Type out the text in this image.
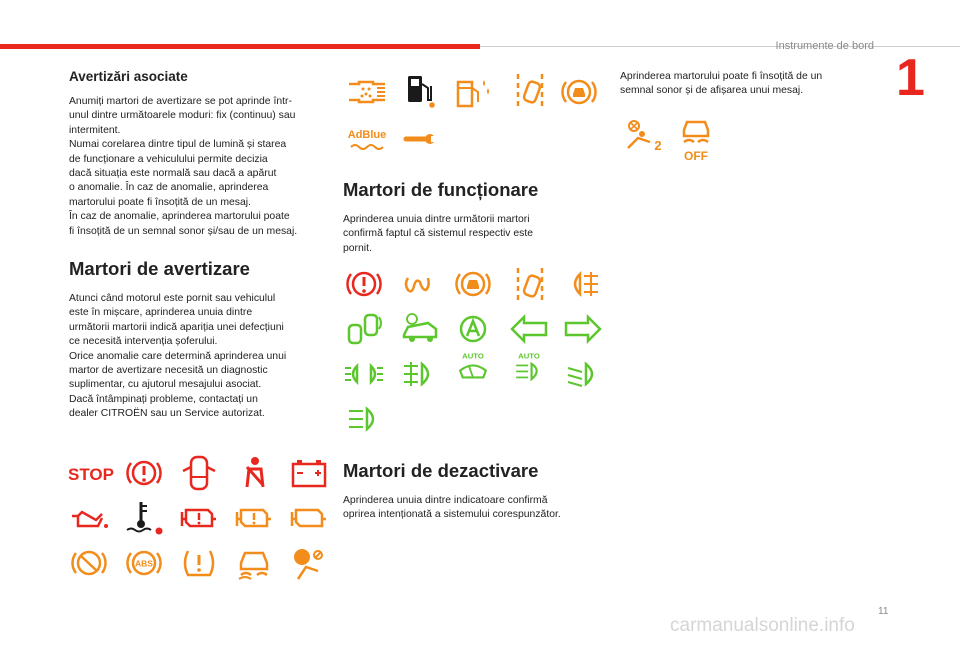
Instrumente de bord
1
Avertizări asociate

Anumiți martori de avertizare se pot aprinde într-
unul dintre următoarele moduri: fix (continuu) sau
intermitent.
Numai corelarea dintre tipul de lumină și starea
de funcționare a vehiculului permite decizia
dacă situația este normală sau dacă a apărut
o anomalie. În caz de anomalie, aprinderea
martorului poate fi însoțită de un mesaj.
În caz de anomalie, aprinderea martorului poate
fi însoțită de un semnal sonor și/sau de un mesaj.

Martori de avertizare

Atunci când motorul este pornit sau vehiculul
este în mișcare, aprinderea unuia dintre
următorii martorii indică apariția unei defecțiuni
ce necesită intervenția șoferului.
Orice anomalie care determină aprinderea unui
martor de avertizare necesită un diagnostic
suplimentar, cu ajutorul mesajului asociat.
Dacă întâmpinați probleme, contactați un
dealer CITROËN sau un Service autorizat.

STOP
ABS
AdBlue
Martori de funcționare

Aprinderea unuia dintre următorii martori
confirmă faptul că sistemul respectiv este
pornit.

AUTO	AUTO
Martori de dezactivare

Aprinderea unuia dintre indicatoare confirmă
oprirea intenționată a sistemului corespunzător.

Aprinderea martorului poate fi însoțită de un
semnal sonor și de afișarea unui mesaj.

2
OFF
11
carmanualsonline.info
